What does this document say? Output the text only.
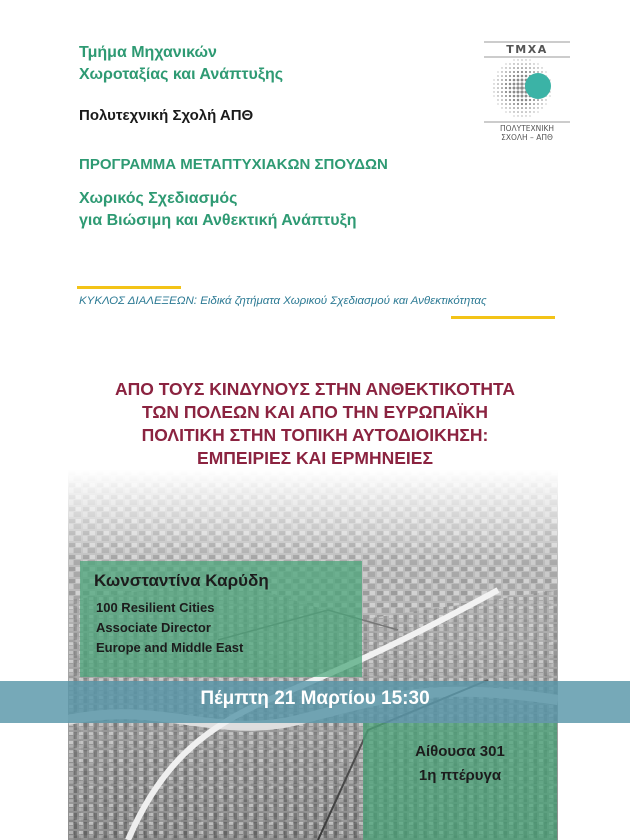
Τμήμα Μηχανικών
Χωροταξίας και Ανάπτυξης
Πολυτεχνική Σχολή ΑΠΘ
ΠΡΟΓΡΑΜΜΑ ΜΕΤΑΠΤΥΧΙΑΚΩΝ ΣΠΟΥΔΩΝ
Χωρικός Σχεδιασμός
για Βιώσιμη και Ανθεκτική Ανάπτυξη
ΤΜΧΑ
ΠΟΛΥΤΕΧΝΙΚΗ
ΣΧΟΛΗ – ΑΠΘ
ΚΥΚΛΟΣ ΔΙΑΛΕΞΕΩΝ: Ειδικά ζητήματα Χωρικού Σχεδιασμού και Ανθεκτικότητας
ΑΠΟ ΤΟΥΣ ΚΙΝΔΥΝΟΥΣ ΣΤΗΝ ΑΝΘΕΚΤΙΚΟΤΗΤΑ
ΤΩΝ ΠΟΛΕΩΝ ΚΑΙ ΑΠΟ ΤΗΝ ΕΥΡΩΠΑΪΚΗ
ΠΟΛΙΤΙΚΗ ΣΤΗΝ ΤΟΠΙΚΗ ΑΥΤΟΔΙΟΙΚΗΣΗ:
ΕΜΠΕΙΡΙΕΣ ΚΑΙ ΕΡΜΗΝΕΙΕΣ
Κωνσταντίνα Καρύδη
100 Resilient Cities
Associate Director
Europe and Middle East
Πέμπτη 21 Μαρτίου 15:30
Αίθουσα 301
1η πτέρυγα
